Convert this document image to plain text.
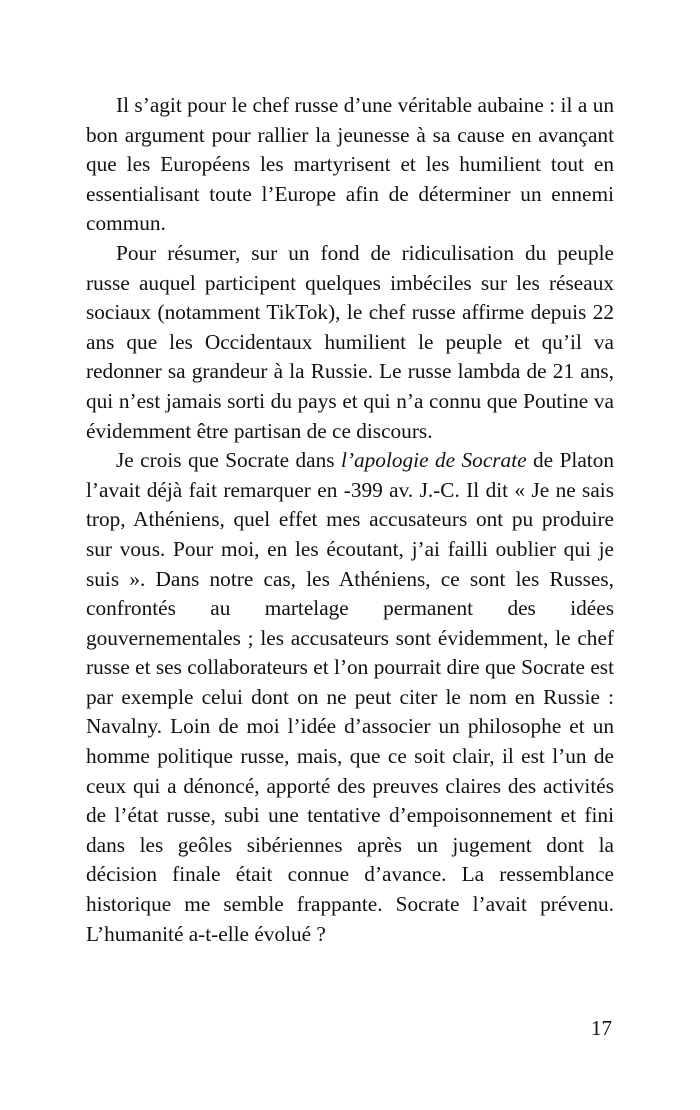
Il s’agit pour le chef russe d’une véritable aubaine : il a un bon argument pour rallier la jeunesse à sa cause en avançant que les Européens les martyrisent et les humilient tout en essentialisant toute l’Europe afin de déterminer un ennemi commun.

Pour résumer, sur un fond de ridiculisation du peuple russe auquel participent quelques imbéciles sur les réseaux sociaux (notamment TikTok), le chef russe affirme depuis 22 ans que les Occidentaux humilient le peuple et qu’il va redonner sa grandeur à la Russie. Le russe lambda de 21 ans, qui n’est jamais sorti du pays et qui n’a connu que Poutine va évidemment être partisan de ce discours.

Je crois que Socrate dans l’apologie de Socrate de Platon l’avait déjà fait remarquer en -399 av. J.-C. Il dit « Je ne sais trop, Athéniens, quel effet mes accusateurs ont pu produire sur vous. Pour moi, en les écoutant, j’ai failli oublier qui je suis ». Dans notre cas, les Athéniens, ce sont les Russes, confrontés au martelage permanent des idées gouvernementales ; les accusateurs sont évidemment, le chef russe et ses collaborateurs et l’on pourrait dire que Socrate est par exemple celui dont on ne peut citer le nom en Russie : Navalny. Loin de moi l’idée d’associer un philosophe et un homme politique russe, mais, que ce soit clair, il est l’un de ceux qui a dénoncé, apporté des preuves claires des activités de l’état russe, subi une tentative d’empoisonnement et fini dans les geôles sibériennes après un jugement dont la décision finale était connue d’avance. La ressemblance historique me semble frappante. Socrate l’avait prévenu. L’humanité a-t-elle évolué ?

17
